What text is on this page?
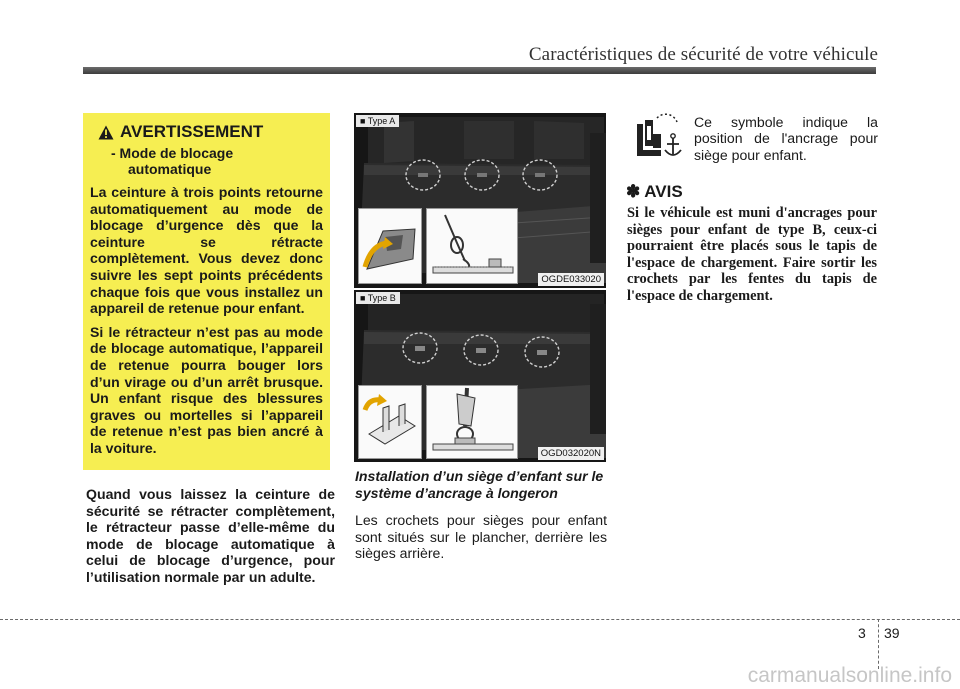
Caractéristiques de sécurité de votre véhicule
AVERTISSEMENT
- Mode de blocage
automatique

La ceinture à trois points retourne automatiquement au mode de blocage d’urgence dès que la ceinture se rétracte complètement. Vous devez donc suivre les sept points précédents chaque fois que vous installez un appareil de retenue pour enfant.

Si le rétracteur n’est pas au mode de blocage automatique, l’appareil de retenue pourra bouger lors d’un virage ou d’un arrêt brusque. Un enfant risque des blessures graves ou mortelles si l’appareil de retenue n’est pas bien ancré à la voiture.

Quand vous laissez la ceinture de sécurité se rétracter complètement, le rétracteur passe d’elle-même du mode de blocage automatique à celui de blocage d’urgence, pour l’utilisation normale par un adulte.

■ Type A
OGDE033020
■ Type B
OGD032020N

Installation d’un siège d’enfant sur le système d’ancrage à longeron

Les crochets pour sièges pour enfant sont situés sur le plancher, derrière les sièges arrière.

Ce symbole indique la position de l'ancrage pour siège pour enfant.

✽ AVIS

Si le véhicule est muni d'ancrages pour sièges pour enfant de type B, ceux-ci pourraient être placés sous le tapis de l'espace de chargement. Faire sortir les crochets par les fentes du tapis de l'espace de chargement.

3 39
carmanualsonline.info
